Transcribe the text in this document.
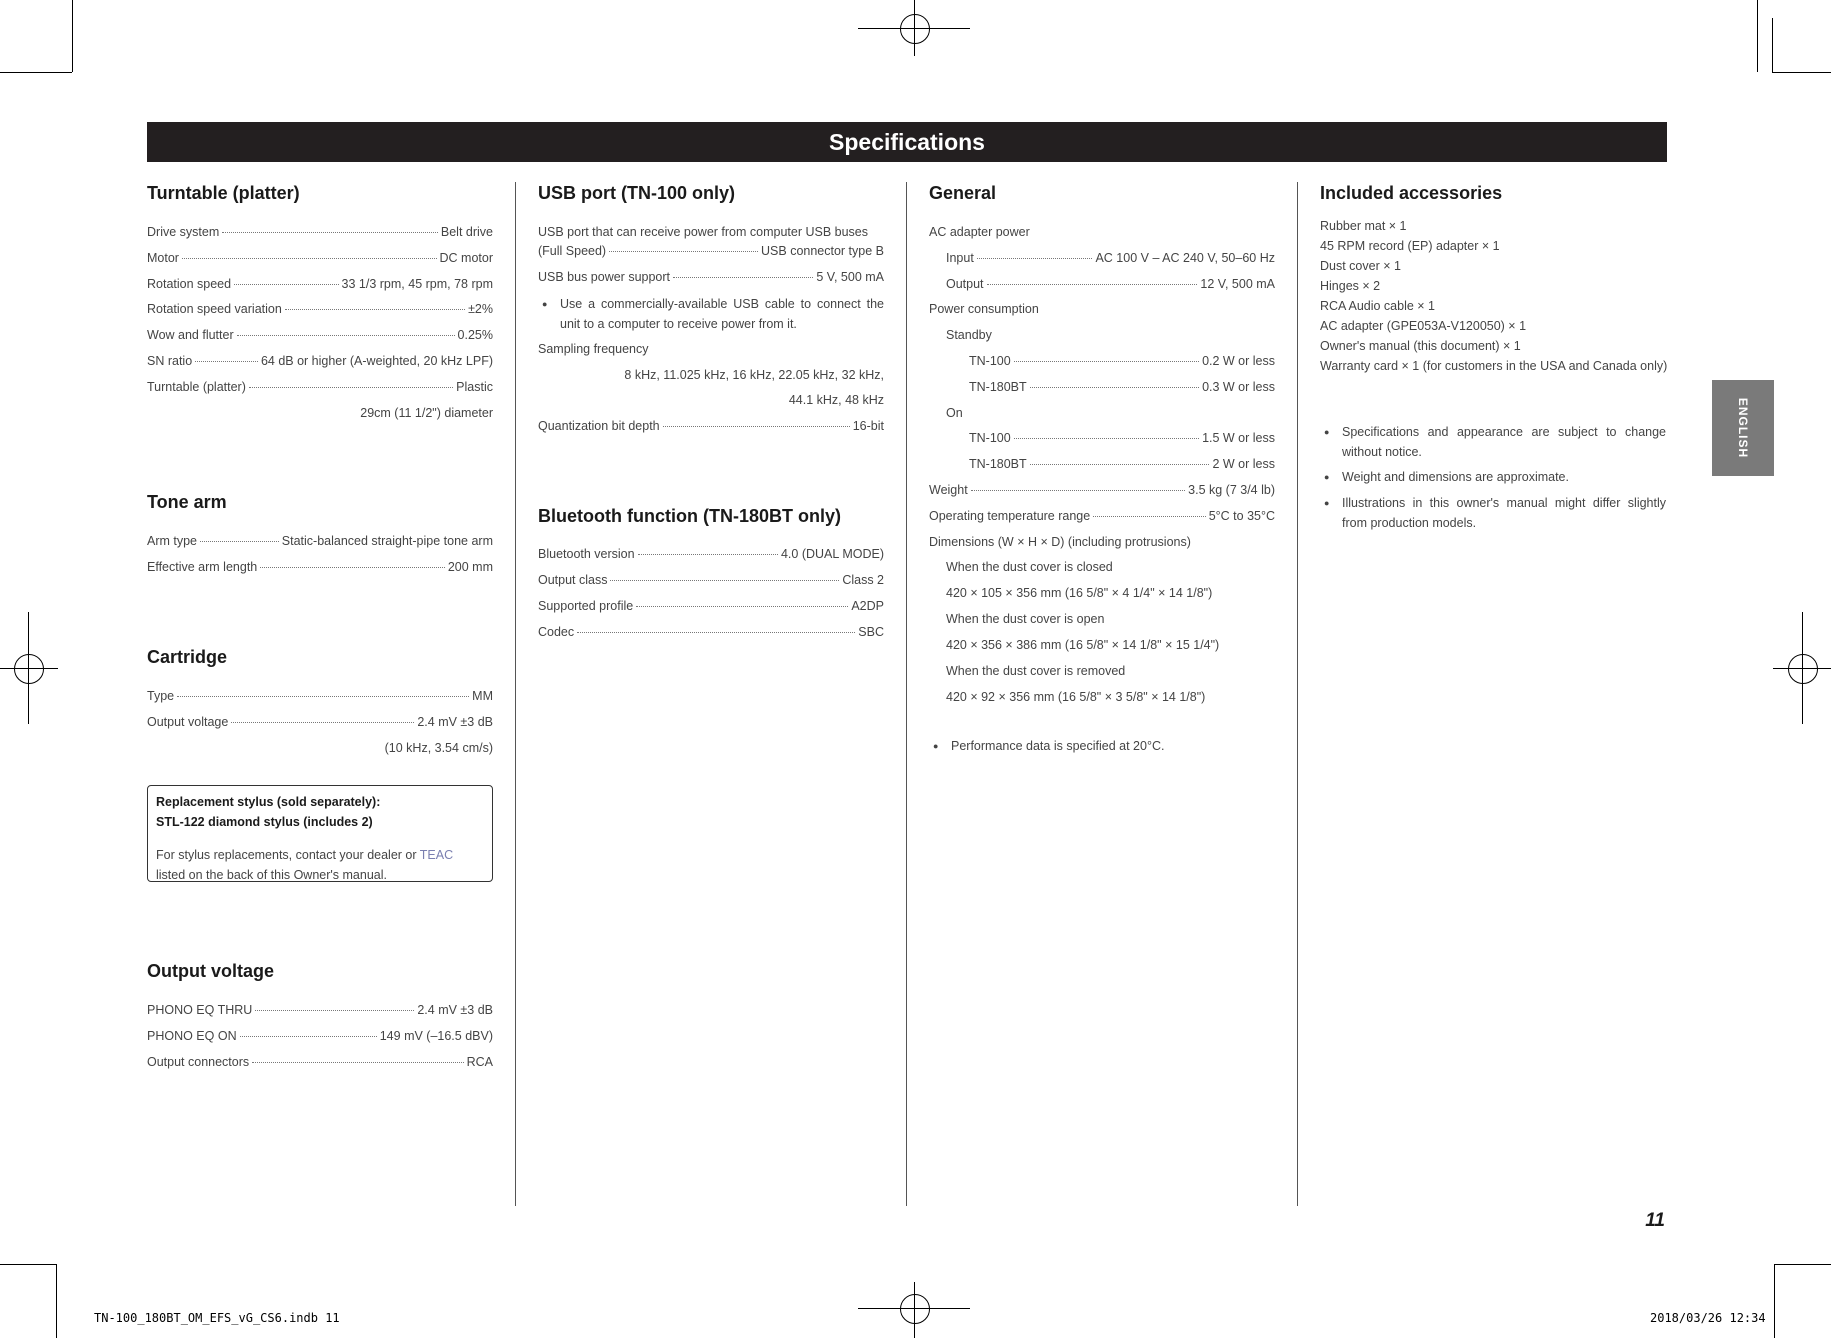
Specifications
Turntable (platter)
Drive system	Belt drive
Motor	DC motor
Rotation speed	33 1/3 rpm, 45 rpm, 78 rpm
Rotation speed variation	±2%
Wow and flutter	0.25%
SN ratio	64 dB or higher (A-weighted, 20 kHz LPF)
Turntable (platter)	Plastic
29cm (11 1/2") diameter
Tone arm
Arm type	Static-balanced straight-pipe tone arm
Effective arm length	200 mm
Cartridge
Type	MM
Output voltage	2.4 mV ±3 dB
(10 kHz, 3.54 cm/s)
Replacement stylus (sold separately):
STL-122 diamond stylus (includes 2)
For stylus replacements, contact your dealer or TEAC listed on the back of this Owner's manual.
Output voltage
PHONO EQ THRU	2.4 mV ±3 dB
PHONO EQ ON	149 mV (–16.5 dBV)
Output connectors	RCA
USB port (TN-100 only)
USB port that can receive power from computer USB buses
(Full Speed)	USB connector type B
USB bus power support	5 V, 500 mA
● Use a commercially-available USB cable to connect the unit to a computer to receive power from it.
Sampling frequency
8 kHz, 11.025 kHz, 16 kHz, 22.05 kHz, 32 kHz,
44.1 kHz, 48 kHz
Quantization bit depth	16-bit
Bluetooth function (TN-180BT only)
Bluetooth version	4.0 (DUAL MODE)
Output class	Class 2
Supported profile	A2DP
Codec	SBC
General
AC adapter power
Input	AC 100 V – AC 240 V, 50–60 Hz
Output	12 V, 500 mA
Power consumption
Standby
TN-100	0.2 W or less
TN-180BT	0.3 W or less
On
TN-100	1.5 W or less
TN-180BT	2 W or less
Weight	3.5 kg (7 3/4 lb)
Operating temperature range	5°C to 35°C
Dimensions (W × H × D) (including protrusions)
When the dust cover is closed
420 × 105 × 356 mm (16 5/8" × 4 1/4" × 14 1/8")
When the dust cover is open
420 × 356 × 386 mm (16 5/8" × 14 1/8" × 15 1/4")
When the dust cover is removed
420 × 92 × 356 mm (16 5/8" × 3 5/8" × 14 1/8")
● Performance data is specified at 20°C.
Included accessories
Rubber mat × 1
45 RPM record (EP) adapter × 1
Dust cover × 1
Hinges × 2
RCA Audio cable × 1
AC adapter (GPE053A-V120050) × 1
Owner's manual (this document) × 1
Warranty card × 1 (for customers in the USA and Canada only)
● Specifications and appearance are subject to change without notice.
● Weight and dimensions are approximate.
● Illustrations in this owner's manual might differ slightly from production models.
ENGLISH
11
TN-100_180BT_OM_EFS_vG_CS6.indb 11	2018/03/26 12:34
